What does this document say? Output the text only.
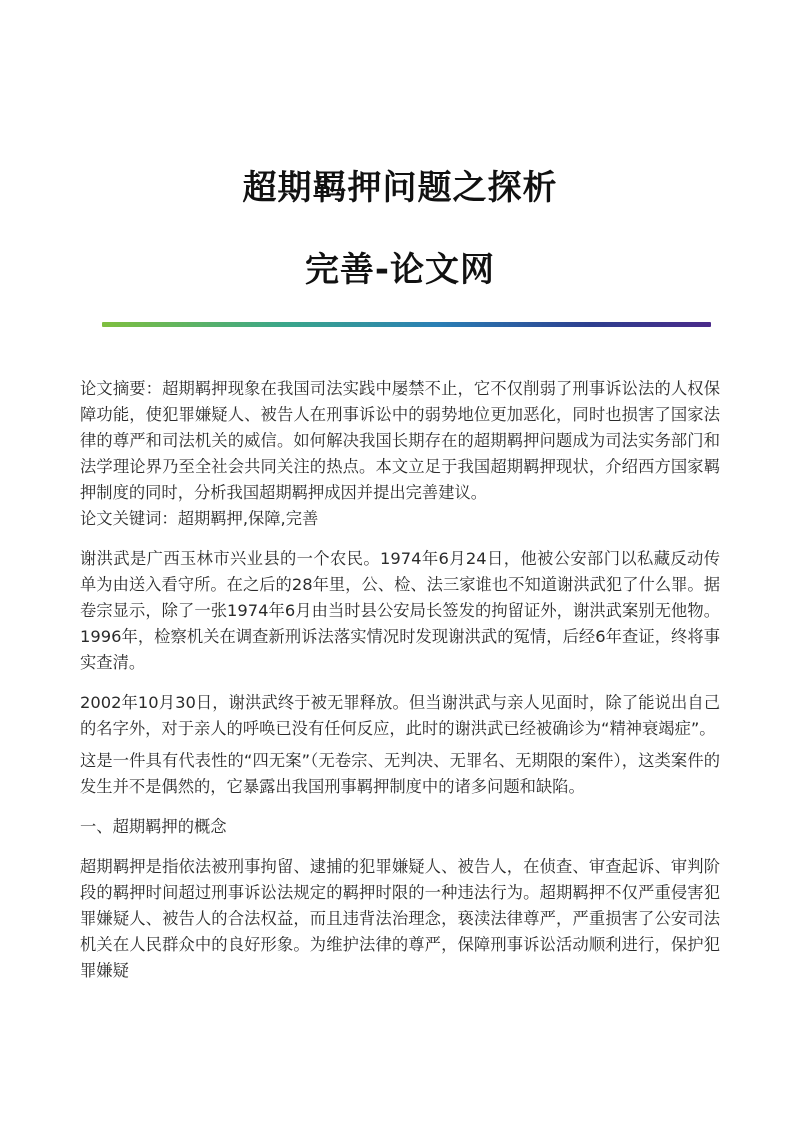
超期羁押问题之探析
完善-论文网

论文摘要：超期羁押现象在我国司法实践中屡禁不止，它不仅削弱了刑事诉讼法的人权保障功能，使犯罪嫌疑人、被告人在刑事诉讼中的弱势地位更加恶化，同时也损害了国家法律的尊严和司法机关的威信。如何解决我国长期存在的超期羁押问题成为司法实务部门和法学理论界乃至全社会共同关注的热点。本文立足于我国超期羁押现状，介绍西方国家羁押制度的同时，分析我国超期羁押成因并提出完善建议。

论文关键词：超期羁押,保障,完善

谢洪武是广西玉林市兴业县的一个农民。1974年6月24日，他被公安部门以私藏反动传单为由送入看守所。在之后的28年里，公、检、法三家谁也不知道谢洪武犯了什么罪。据卷宗显示，除了一张1974年6月由当时县公安局长签发的拘留证外，谢洪武案别无他物。1996年，检察机关在调查新刑诉法落实情况时发现谢洪武的冤情，后经6年查证，终将事实查清。

2002年10月30日，谢洪武终于被无罪释放。但当谢洪武与亲人见面时，除了能说出自己的名字外，对于亲人的呼唤已没有任何反应，此时的谢洪武已经被确诊为“精神衰竭症”。

这是一件具有代表性的“四无案”（无卷宗、无判决、无罪名、无期限的案件），这类案件的发生并不是偶然的，它暴露出我国刑事羁押制度中的诸多问题和缺陷。

一、超期羁押的概念

超期羁押是指依法被刑事拘留、逮捕的犯罪嫌疑人、被告人，在侦查、审查起诉、审判阶段的羁押时间超过刑事诉讼法规定的羁押时限的一种违法行为。超期羁押不仅严重侵害犯罪嫌疑人、被告人的合法权益，而且违背法治理念，亵渎法律尊严，严重损害了公安司法机关在人民群众中的良好形象。为维护法律的尊严，保障刑事诉讼活动顺利进行，保护犯罪嫌疑
